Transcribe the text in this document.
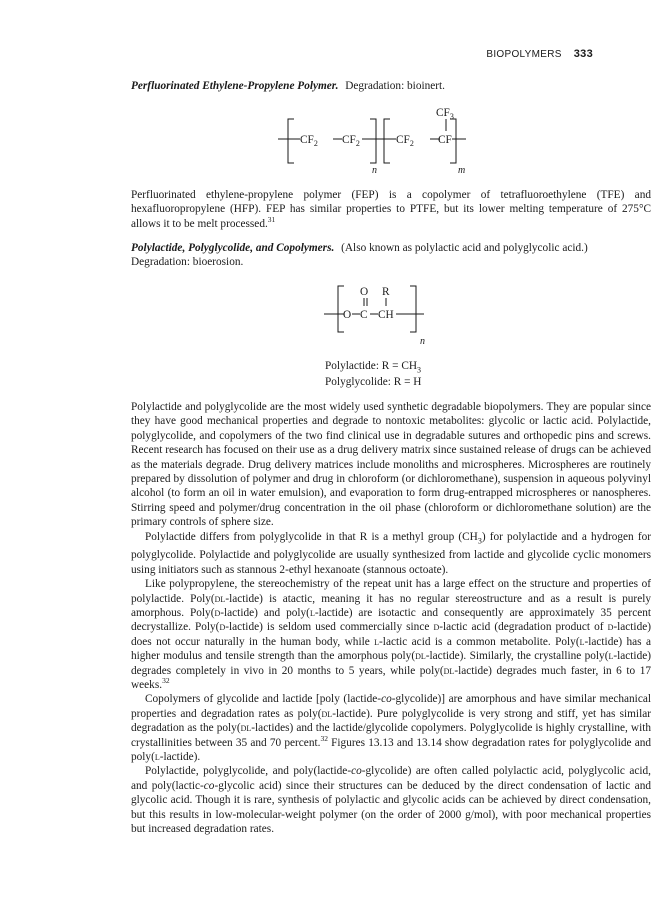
BIOPOLYMERS 333
Perfluorinated Ethylene-Propylene Polymer. Degradation: bioinert.
$CF_2$ $CF_2$	$CF_2$ CF
$CF_3$
n	m
Perfluorinated ethylene-propylene polymer (FEP) is a copolymer of tetrafluoroethylene (TFE) and hexafluoropropylene (HFP). FEP has similar properties to PTFE, but its lower melting temperature of 275°C allows it to be melt processed.$^{31}$
Polylactide, Polyglycolide, and Copolymers. (Also known as polylactic acid and polyglycolic acid.)
Degradation: bioerosion.
O R
O C CH
n
Polylactide: $R = CH_3$
Polyglycolide: R = H

Polylactide and polyglycolide are the most widely used synthetic degradable biopolymers. They are popular since they have good mechanical properties and degrade to nontoxic metabolites: glycolic or lactic acid. Polylactide, polyglycolide, and copolymers of the two find clinical use in degradable sutures and orthopedic pins and screws. Recent research has focused on their use as a drug delivery matrix since sustained release of drugs can be achieved as the materials degrade. Drug delivery matrices include monoliths and microspheres. Microspheres are routinely prepared by dissolution of polymer and drug in chloroform (or dichloromethane), suspension in aqueous polyvinyl alcohol (to form an oil in water emulsion), and evaporation to form drug-entrapped microspheres or nanospheres. Stirring speed and polymer/drug concentration in the oil phase (chloroform or dichloromethane solution) are the primary controls of sphere size.

Polylactide differs from polyglycolide in that R is a methyl group $(CH_3)$ for polylactide and a hydrogen for polyglycolide. Polylactide and polyglycolide are usually synthesized from lactide and glycolide cyclic monomers using initiators such as stannous 2-ethyl hexanoate (stannous octoate).

Like polypropylene, the stereochemistry of the repeat unit has a large effect on the structure and properties of polylactide. Poly(dl-lactide) is atactic, meaning it has no regular stereostructure and as a result is purely amorphous. Poly(d-lactide) and poly(l-lactide) are isotactic and consequently are approximately 35 percent decrystallize. Poly(d-lactide) is seldom used commercially since d-lactic acid (degradation product of d-lactide) does not occur naturally in the human body, while l-lactic acid is a common metabolite. Poly(l-lactide) has a higher modulus and tensile strength than the amorphous poly(dl-lactide). Similarly, the crystalline poly(l-lactide) degrades completely in vivo in 20 months to 5 years, while poly(dl-lactide) degrades much faster, in 6 to 17 weeks.$^{32}$

Copolymers of glycolide and lactide [poly (lactide-co-glycolide)] are amorphous and have similar mechanical properties and degradation rates as poly(dl-lactide). Pure polyglycolide is very strong and stiff, yet has similar degradation as the poly(dl-lactides) and the lactide/glycolide copolymers. Polyglycolide is highly crystalline, with crystallinities between 35 and 70 percent.$^{32}$ Figures 13.13 and 13.14 show degradation rates for polyglycolide and poly(l-lactide).

Polylactide, polyglycolide, and poly(lactide-co-glycolide) are often called polylactic acid, polyglycolic acid, and poly(lactic-co-glycolic acid) since their structures can be deduced by the direct condensation of lactic and glycolic acid. Though it is rare, synthesis of polylactic and glycolic acids can be achieved by direct condensation, but this results in low-molecular-weight polymer (on the order of 2000 g/mol), with poor mechanical properties but increased degradation rates.
